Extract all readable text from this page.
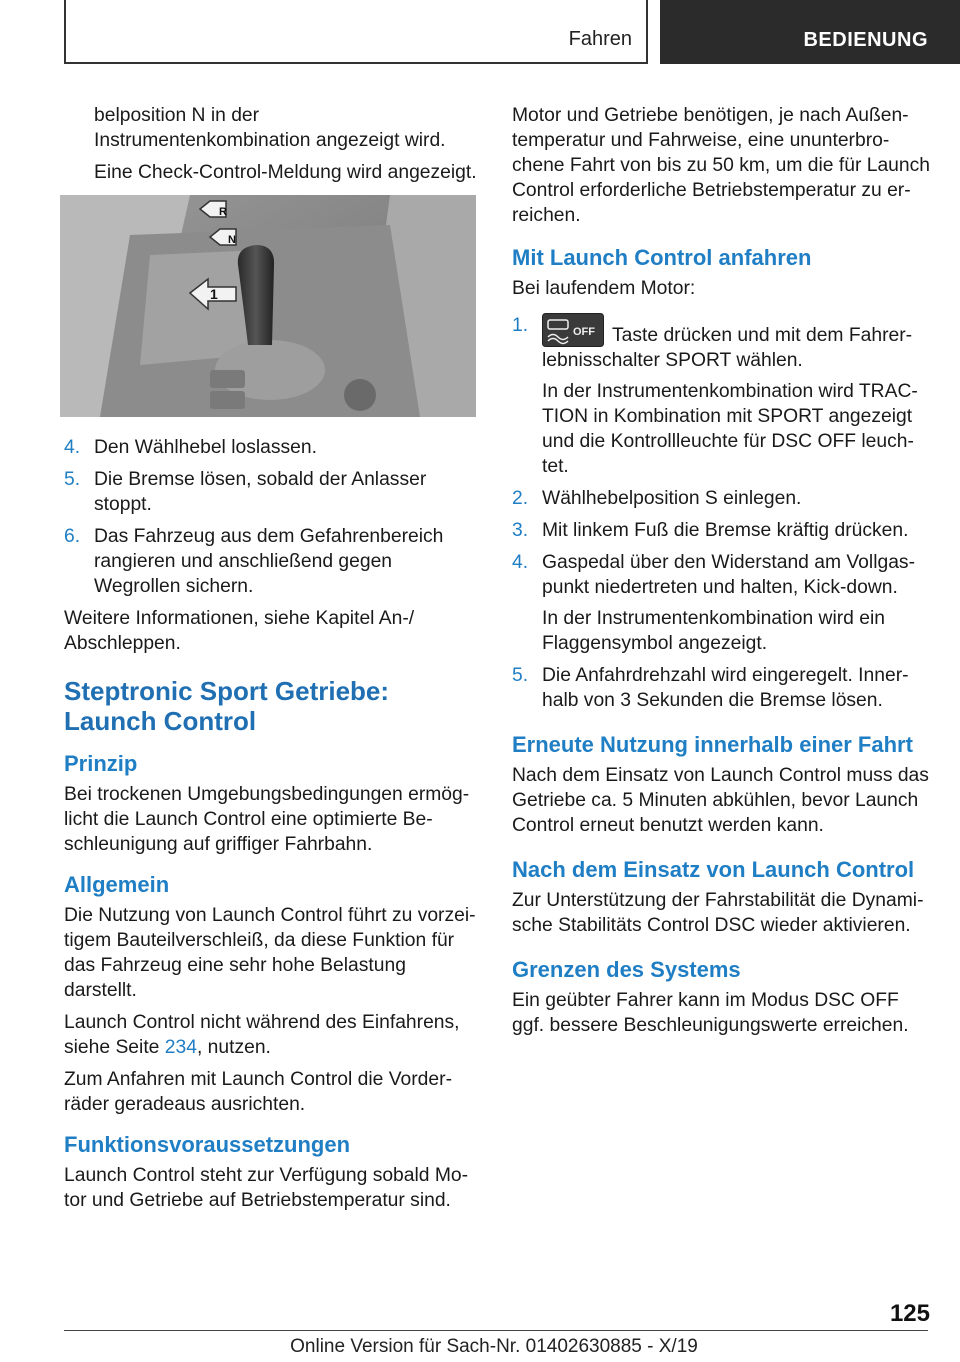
Fahren	BEDIENUNG

belposition N in der Instrumentenkombination angezeigt wird.

Eine Check-Control-Meldung wird angezeigt.

R
N
1
4. Den Wählhebel loslassen.
5. Die Bremse lösen, sobald der Anlasser stoppt.
6. Das Fahrzeug aus dem Gefahrenbereich rangieren und anschließend gegen Wegrollen sichern.

Weitere Informationen, siehe Kapitel An-/ Abschleppen.

Steptronic Sport Getriebe: Launch Control
Prinzip

Bei trockenen Umgebungsbedingungen ermöglicht die Launch Control eine optimierte Beschleunigung auf griffiger Fahrbahn.

Allgemein

Die Nutzung von Launch Control führt zu vorzeitigem Bauteilverschleiß, da diese Funktion für das Fahrzeug eine sehr hohe Belastung darstellt.

Launch Control nicht während des Einfahrens, siehe Seite 234, nutzen.

Zum Anfahren mit Launch Control die Vorderräder geradeaus ausrichten.

Funktionsvoraussetzungen

Launch Control steht zur Verfügung sobald Motor und Getriebe auf Betriebstemperatur sind.

Motor und Getriebe benötigen, je nach Außentemperatur und Fahrweise, eine ununterbrochene Fahrt von bis zu 50 km, um die für Launch Control erforderliche Betriebstemperatur zu erreichen.

Mit Launch Control anfahren

Bei laufendem Motor:

1.	OFF Taste drücken und mit dem Fahrerlebnisschalter SPORT wählen.
In der Instrumentenkombination wird TRACTION in Kombination mit SPORT angezeigt und die Kontrollleuchte für DSC OFF leuchtet.
2. Wählhebelposition S einlegen.
3. Mit linkem Fuß die Bremse kräftig drücken.
4. Gaspedal über den Widerstand am Vollgaspunkt niedertreten und halten, Kick-down.
In der Instrumentenkombination wird ein Flaggensymbol angezeigt.
5. Die Anfahrdrehzahl wird eingeregelt. Innerhalb von 3 Sekunden die Bremse lösen.
Erneute Nutzung innerhalb einer Fahrt

Nach dem Einsatz von Launch Control muss das Getriebe ca. 5 Minuten abkühlen, bevor Launch Control erneut benutzt werden kann.

Nach dem Einsatz von Launch Control

Zur Unterstützung der Fahrstabilität die Dynamische Stabilitäts Control DSC wieder aktivieren.

Grenzen des Systems

Ein geübter Fahrer kann im Modus DSC OFF ggf. bessere Beschleunigungswerte erreichen.

125
Online Version für Sach-Nr. 01402630885 - X/19
